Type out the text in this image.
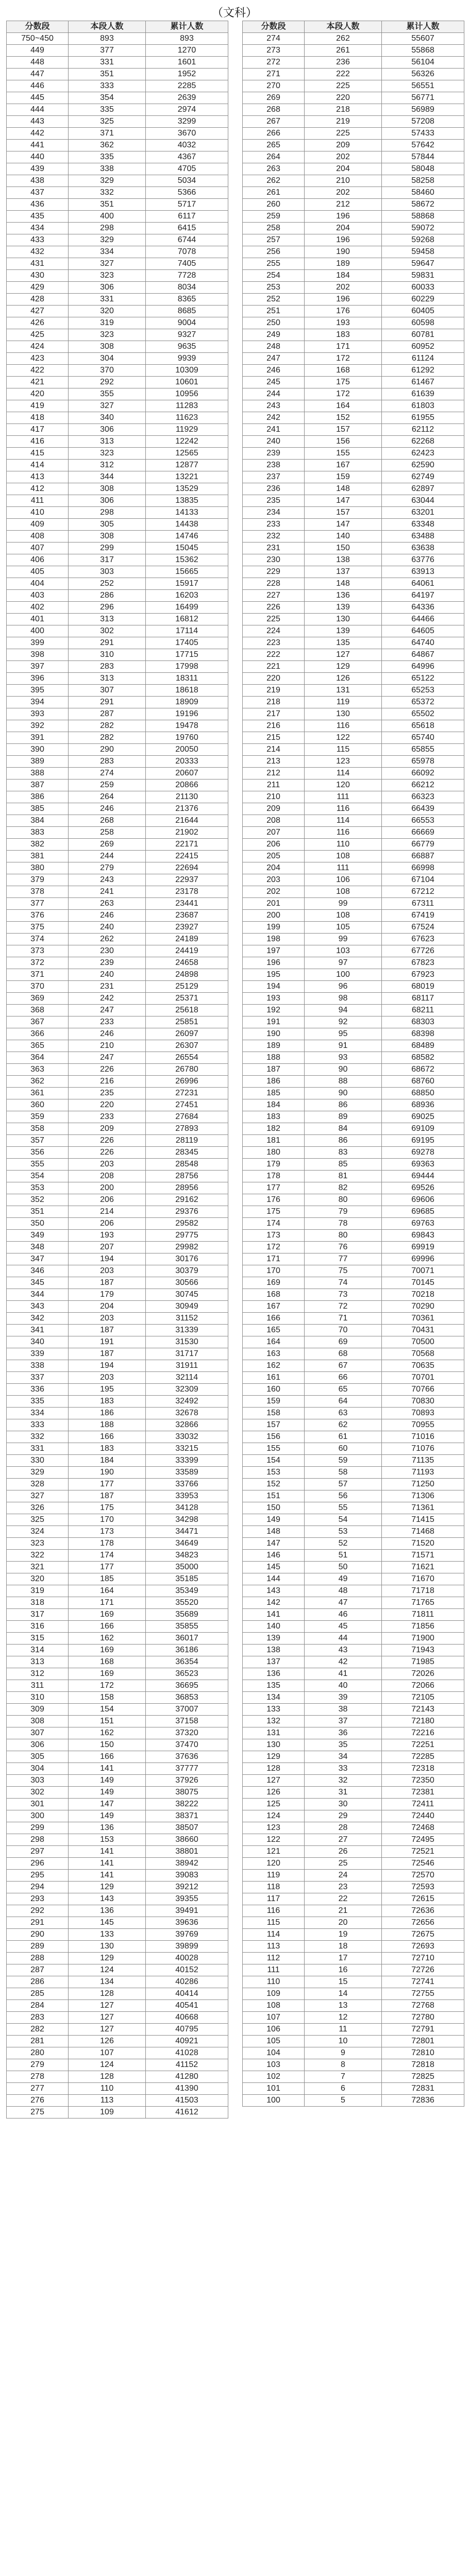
（文科）
分数段	本段人数	累计人数
750~450	893	893
449	377	1270
448	331	1601
447	351	1952
446	333	2285
445	354	2639
444	335	2974
443	325	3299
442	371	3670
441	362	4032
440	335	4367
439	338	4705
438	329	5034
437	332	5366
436	351	5717
435	400	6117
434	298	6415
433	329	6744
432	334	7078
431	327	7405
430	323	7728
429	306	8034
428	331	8365
427	320	8685
426	319	9004
425	323	9327
424	308	9635
423	304	9939
422	370	10309
421	292	10601
420	355	10956
419	327	11283
418	340	11623
417	306	11929
416	313	12242
415	323	12565
414	312	12877
413	344	13221
412	308	13529
411	306	13835
410	298	14133
409	305	14438
408	308	14746
407	299	15045
406	317	15362
405	303	15665
404	252	15917
403	286	16203
402	296	16499
401	313	16812
400	302	17114
399	291	17405
398	310	17715
397	283	17998
396	313	18311
395	307	18618
394	291	18909
393	287	19196
392	282	19478
391	282	19760
390	290	20050
389	283	20333
388	274	20607
387	259	20866
386	264	21130
385	246	21376
384	268	21644
383	258	21902
382	269	22171
381	244	22415
380	279	22694
379	243	22937
378	241	23178
377	263	23441
376	246	23687
375	240	23927
374	262	24189
373	230	24419
372	239	24658
371	240	24898
370	231	25129
369	242	25371
368	247	25618
367	233	25851
366	246	26097
365	210	26307
364	247	26554
363	226	26780
362	216	26996
361	235	27231
360	220	27451
359	233	27684
358	209	27893
357	226	28119
356	226	28345
355	203	28548
354	208	28756
353	200	28956
352	206	29162
351	214	29376
350	206	29582
349	193	29775
348	207	29982
347	194	30176
346	203	30379
345	187	30566
344	179	30745
343	204	30949
342	203	31152
341	187	31339
340	191	31530
339	187	31717
338	194	31911
337	203	32114
336	195	32309
335	183	32492
334	186	32678
333	188	32866
332	166	33032
331	183	33215
330	184	33399
329	190	33589
328	177	33766
327	187	33953
326	175	34128
325	170	34298
324	173	34471
323	178	34649
322	174	34823
321	177	35000
320	185	35185
319	164	35349
318	171	35520
317	169	35689
316	166	35855
315	162	36017
314	169	36186
313	168	36354
312	169	36523
311	172	36695
310	158	36853
309	154	37007
308	151	37158
307	162	37320
306	150	37470
305	166	37636
304	141	37777
303	149	37926
302	149	38075
301	147	38222
300	149	38371
299	136	38507
298	153	38660
297	141	38801
296	141	38942
295	141	39083
294	129	39212
293	143	39355
292	136	39491
291	145	39636
290	133	39769
289	130	39899
288	129	40028
287	124	40152
286	134	40286
285	128	40414
284	127	40541
283	127	40668
282	127	40795
281	126	40921
280	107	41028
279	124	41152
278	128	41280
277	110	41390
276	113	41503
275	109	41612
分数段	本段人数	累计人数
274	262	55607
273	261	55868
272	236	56104
271	222	56326
270	225	56551
269	220	56771
268	218	56989
267	219	57208
266	225	57433
265	209	57642
264	202	57844
263	204	58048
262	210	58258
261	202	58460
260	212	58672
259	196	58868
258	204	59072
257	196	59268
256	190	59458
255	189	59647
254	184	59831
253	202	60033
252	196	60229
251	176	60405
250	193	60598
249	183	60781
248	171	60952
247	172	61124
246	168	61292
245	175	61467
244	172	61639
243	164	61803
242	152	61955
241	157	62112
240	156	62268
239	155	62423
238	167	62590
237	159	62749
236	148	62897
235	147	63044
234	157	63201
233	147	63348
232	140	63488
231	150	63638
230	138	63776
229	137	63913
228	148	64061
227	136	64197
226	139	64336
225	130	64466
224	139	64605
223	135	64740
222	127	64867
221	129	64996
220	126	65122
219	131	65253
218	119	65372
217	130	65502
216	116	65618
215	122	65740
214	115	65855
213	123	65978
212	114	66092
211	120	66212
210	111	66323
209	116	66439
208	114	66553
207	116	66669
206	110	66779
205	108	66887
204	111	66998
203	106	67104
202	108	67212
201	99	67311
200	108	67419
199	105	67524
198	99	67623
197	103	67726
196	97	67823
195	100	67923
194	96	68019
193	98	68117
192	94	68211
191	92	68303
190	95	68398
189	91	68489
188	93	68582
187	90	68672
186	88	68760
185	90	68850
184	86	68936
183	89	69025
182	84	69109
181	86	69195
180	83	69278
179	85	69363
178	81	69444
177	82	69526
176	80	69606
175	79	69685
174	78	69763
173	80	69843
172	76	69919
171	77	69996
170	75	70071
169	74	70145
168	73	70218
167	72	70290
166	71	70361
165	70	70431
164	69	70500
163	68	70568
162	67	70635
161	66	70701
160	65	70766
159	64	70830
158	63	70893
157	62	70955
156	61	71016
155	60	71076
154	59	71135
153	58	71193
152	57	71250
151	56	71306
150	55	71361
149	54	71415
148	53	71468
147	52	71520
146	51	71571
145	50	71621
144	49	71670
143	48	71718
142	47	71765
141	46	71811
140	45	71856
139	44	71900
138	43	71943
137	42	71985
136	41	72026
135	40	72066
134	39	72105
133	38	72143
132	37	72180
131	36	72216
130	35	72251
129	34	72285
128	33	72318
127	32	72350
126	31	72381
125	30	72411
124	29	72440
123	28	72468
122	27	72495
121	26	72521
120	25	72546
119	24	72570
118	23	72593
117	22	72615
116	21	72636
115	20	72656
114	19	72675
113	18	72693
112	17	72710
111	16	72726
110	15	72741
109	14	72755
108	13	72768
107	12	72780
106	11	72791
105	10	72801
104	9	72810
103	8	72818
102	7	72825
101	6	72831
100	5	72836
